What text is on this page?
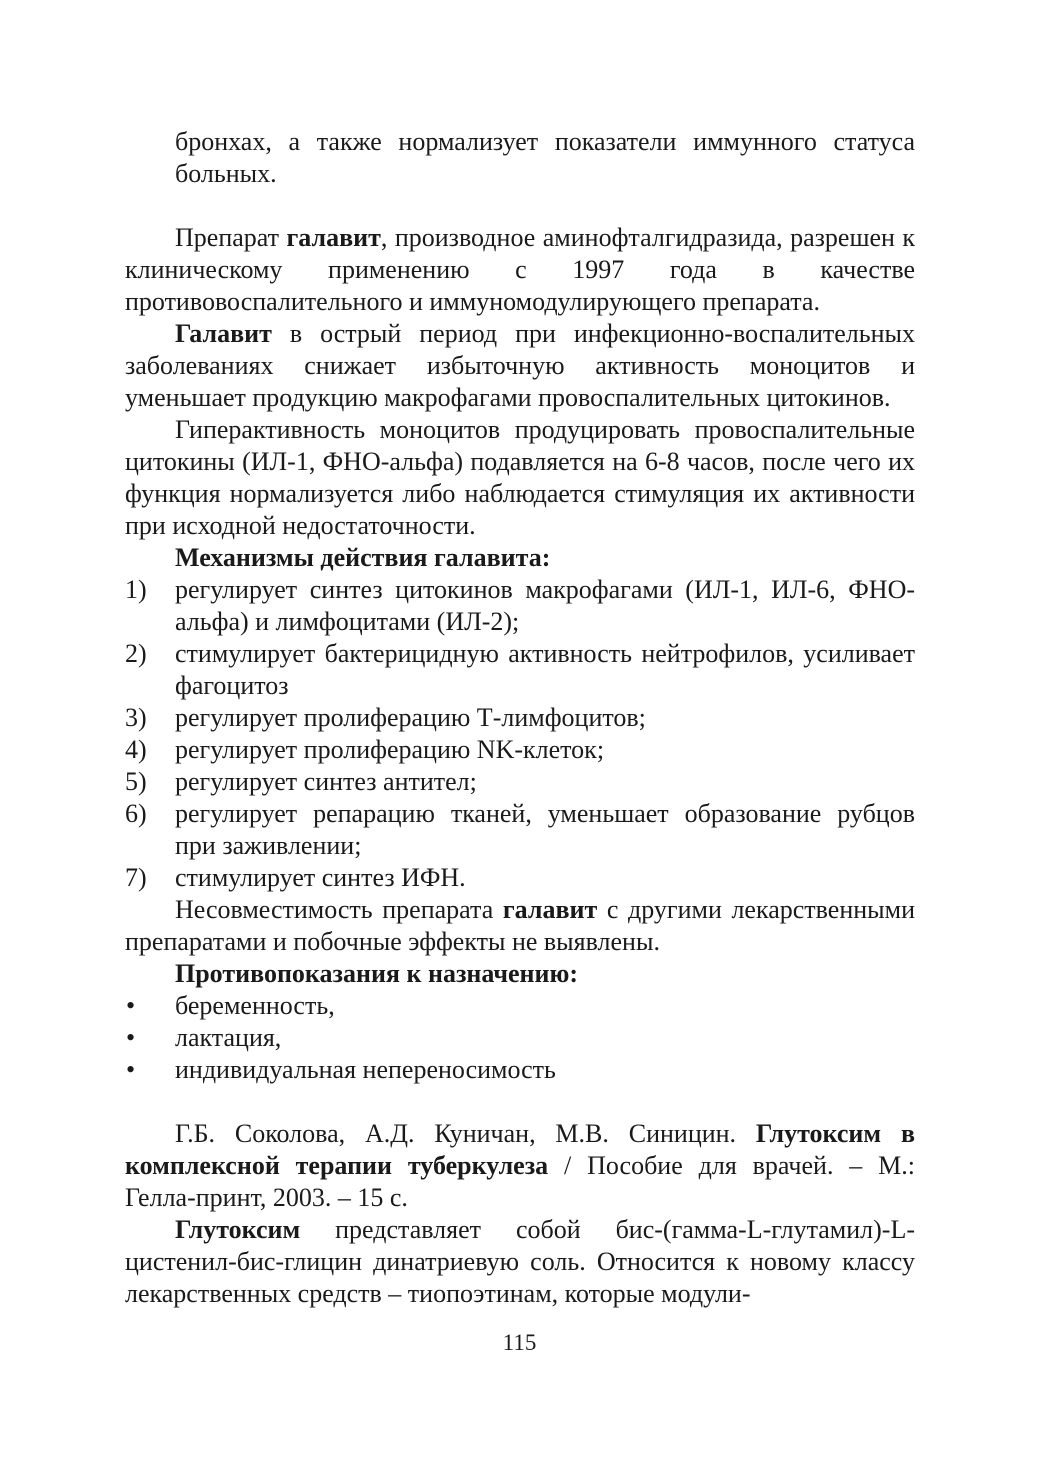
бронхах, а также нормализует показатели иммунного статуса больных.

Препарат галавит, производное аминофталгидразида, разрешен к клиническому применению с 1997 года в качестве противовоспалительного и иммуномодулирующего препарата.

Галавит в острый период при инфекционно-воспалительных заболеваниях снижает избыточную активность моноцитов и уменьшает продукцию макрофагами провоспалительных цитокинов.

Гиперактивность моноцитов продуцировать провоспалительные цитокины (ИЛ-1, ФНО-альфа) подавляется на 6-8 часов, после чего их функция нормализуется либо наблюдается стимуляция их активности при исходной недостаточности.

Механизмы действия галавита:

1) регулирует синтез цитокинов макрофагами (ИЛ-1, ИЛ-6, ФНО-альфа) и лимфоцитами (ИЛ-2);
2) стимулирует бактерицидную активность нейтрофилов, усиливает фагоцитоз
3) регулирует пролиферацию Т-лимфоцитов;
4) регулирует пролиферацию NK-клеток;
5) регулирует синтез антител;
6) регулирует репарацию тканей, уменьшает образование рубцов при заживлении;
7) стимулирует синтез ИФН.

Несовместимость препарата галавит с другими лекарственными препаратами и побочные эффекты не выявлены.

Противопоказания к назначению:

• беременность,
• лактация,
• индивидуальная непереносимость

Г.Б. Соколова, А.Д. Куничан, М.В. Синицин. Глутоксим в комплексной терапии туберкулеза / Пособие для врачей. – М.: Гелла-принт, 2003. – 15 с.

Глутоксим представляет собой бис-(гамма-L-глутамил)-L-цистенил-бис-глицин динатриевую соль. Относится к новому классу лекарственных средств – тиопоэтинам, которые модули-

115
